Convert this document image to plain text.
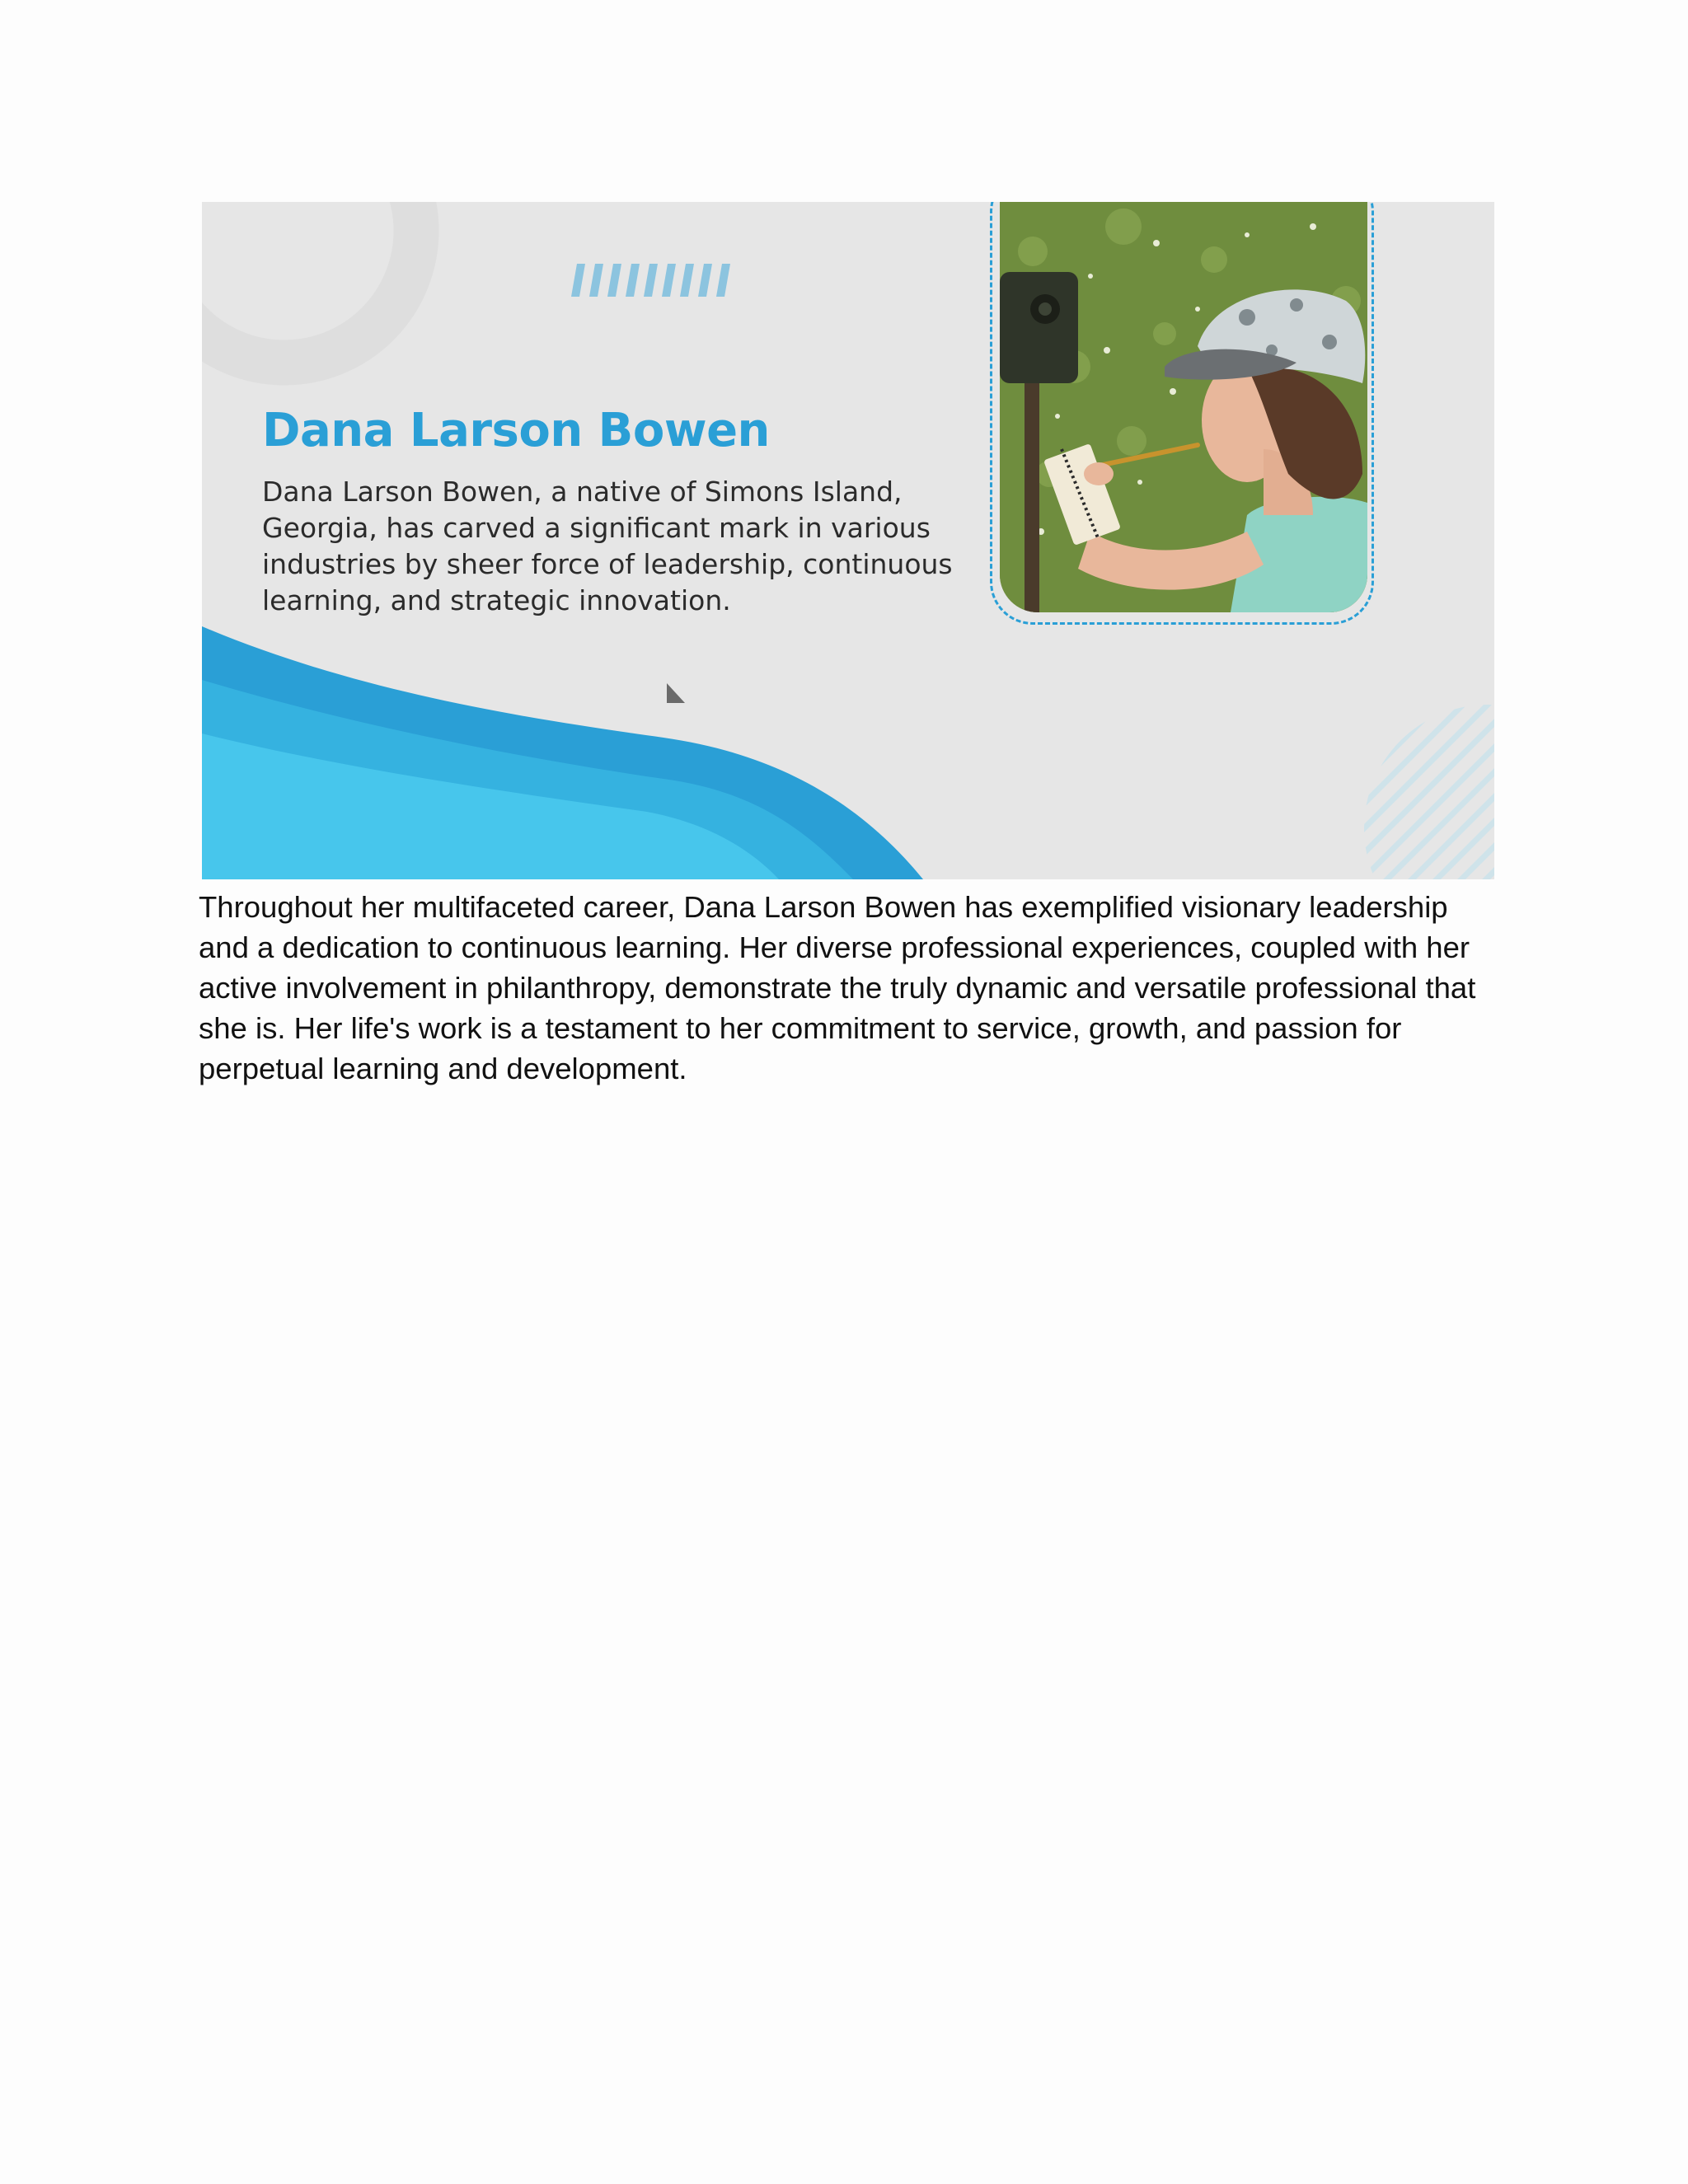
Dana Larson Bowen

Dana Larson Bowen, a native of Simons Island, Georgia, has carved a significant mark in various industries by sheer force of leadership, continuous learning, and strategic innovation.

Throughout her multifaceted career, Dana Larson Bowen has exemplified visionary leadership and a dedication to continuous learning. Her diverse professional experiences, coupled with her active involvement in philanthropy, demonstrate the truly dynamic and versatile professional that she is. Her life's work is a testament to her commitment to service, growth, and passion for perpetual learning and development.
